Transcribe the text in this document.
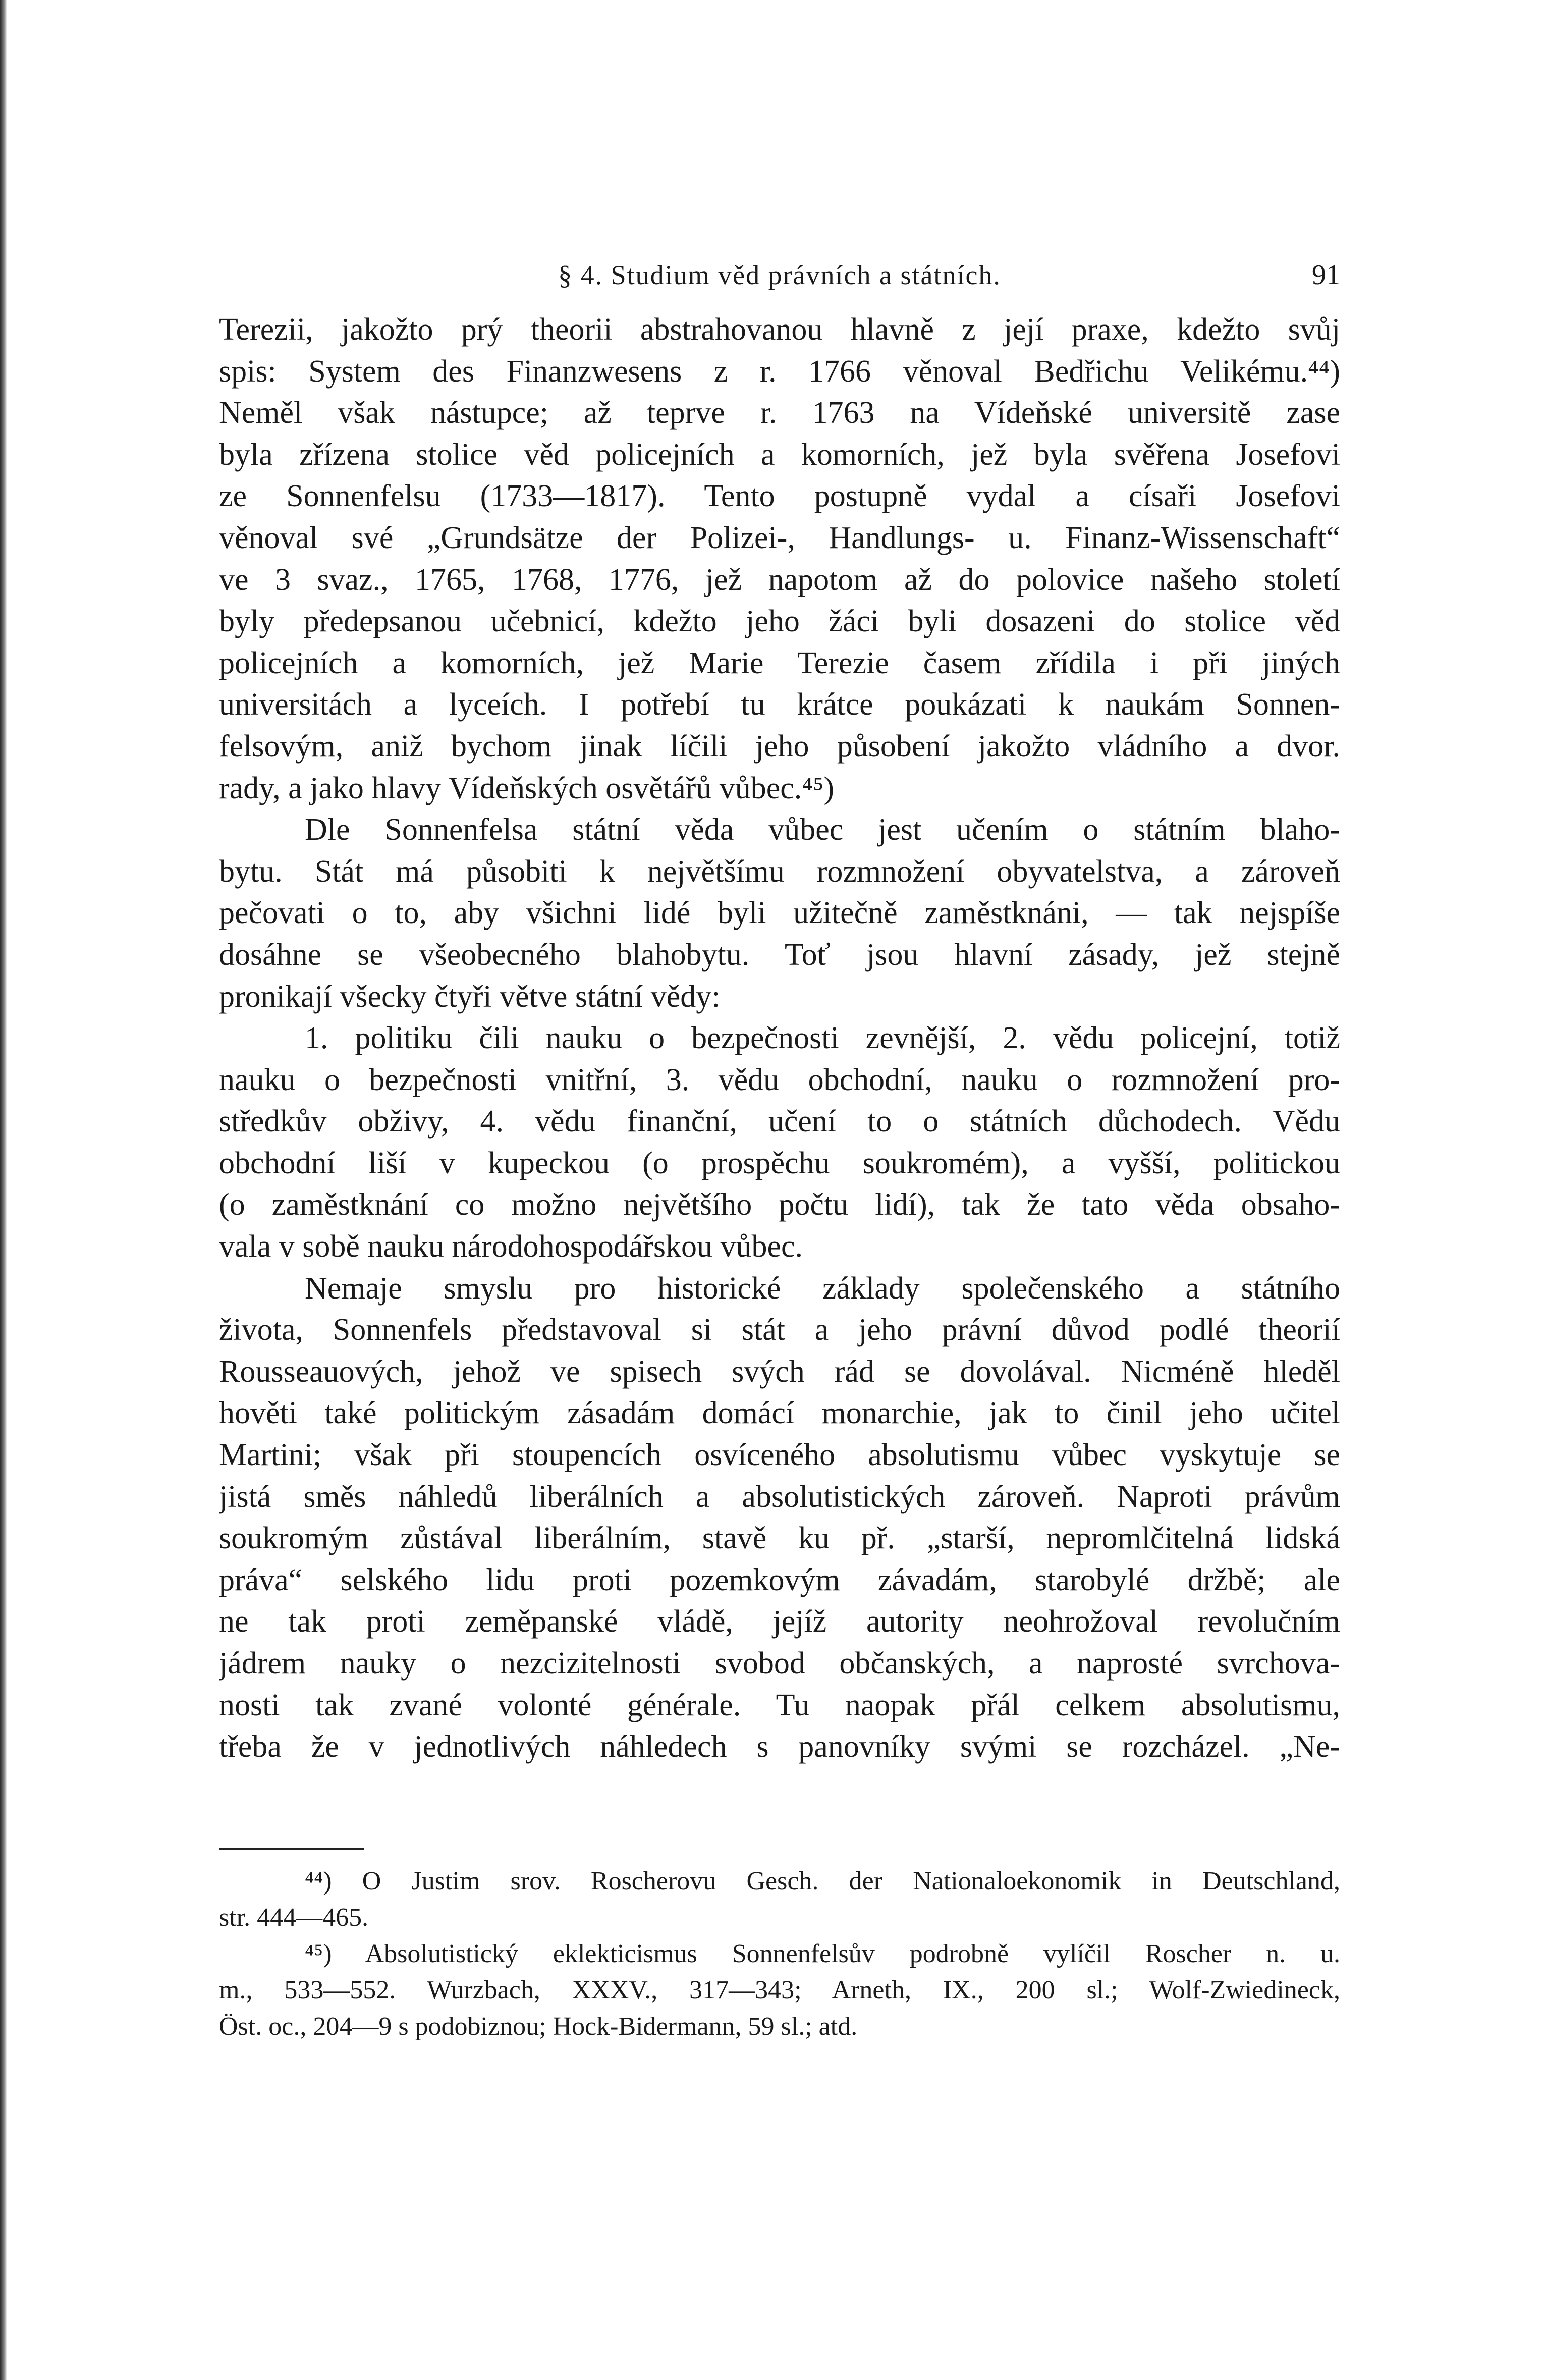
§ 4. Studium věd právních a státních.	91
Terezii, jakožto prý theorii abstrahovanou hlavně z její praxe, kdežto svůj
spis: System des Finanzwesens z r. 1766 věnoval Bedřichu Velikému.⁴⁴)
Neměl však nástupce; až teprve r. 1763 na Vídeňské universitě zase
byla zřízena stolice věd policejních a komorních, jež byla svěřena Josefovi
ze Sonnenfelsu (1733—1817). Tento postupně vydal a císaři Josefovi
věnoval své „Grundsätze der Polizei-, Handlungs- u. Finanz-Wissenschaft“
ve 3 svaz., 1765, 1768, 1776, jež napotom až do polovice našeho století
byly předepsanou učebnicí, kdežto jeho žáci byli dosazeni do stolice věd
policejních a komorních, jež Marie Terezie časem zřídila i při jiných
universitách a lyceích. I potřebí tu krátce poukázati k naukám Sonnen-
felsovým, aniž bychom jinak líčili jeho působení jakožto vládního a dvor.
rady, a jako hlavy Vídeňských osvětářů vůbec.⁴⁵)
Dle Sonnenfelsa státní věda vůbec jest učením o státním blaho-
bytu. Stát má působiti k největšímu rozmnožení obyvatelstva, a zároveň
pečovati o to, aby všichni lidé byli užitečně zaměstknáni, — tak nejspíše
dosáhne se všeobecného blahobytu. Toť jsou hlavní zásady, jež stejně
pronikají všecky čtyři větve státní vědy:
1. politiku čili nauku o bezpečnosti zevnější, 2. vědu policejní, totiž
nauku o bezpečnosti vnitřní, 3. vědu obchodní, nauku o rozmnožení pro-
středkův obživy, 4. vědu finanční, učení to o státních důchodech. Vědu
obchodní liší v kupeckou (o prospěchu soukromém), a vyšší, politickou
(o zaměstknání co možno největšího počtu lidí), tak že tato věda obsaho-
vala v sobě nauku národohospodářskou vůbec.
Nemaje smyslu pro historické základy společenského a státního
života, Sonnenfels představoval si stát a jeho právní důvod podlé theorií
Rousseauových, jehož ve spisech svých rád se dovolával. Nicméně hleděl
hověti také politickým zásadám domácí monarchie, jak to činil jeho učitel
Martini; však při stoupencích osvíceného absolutismu vůbec vyskytuje se
jistá směs náhledů liberálních a absolutistických zároveň. Naproti právům
soukromým zůstával liberálním, stavě ku př. „starší, nepromlčitelná lidská
práva“ selského lidu proti pozemkovým závadám, starobylé držbě; ale
ne tak proti zeměpanské vládě, jejíž autority neohrožoval revolučním
jádrem nauky o nezcizitelnosti svobod občanských, a naprosté svrchova-
nosti tak zvané volonté générale. Tu naopak přál celkem absolutismu,
třeba že v jednotlivých náhledech s panovníky svými se rozcházel. „Ne-
⁴⁴) O Justim srov. Roscherovu Gesch. der Nationaloekonomik in Deutschland,
str. 444—465.
⁴⁵) Absolutistický eklekticismus Sonnenfelsův podrobně vylíčil Roscher n. u.
m., 533—552. Wurzbach, XXXV., 317—343; Arneth, IX., 200 sl.; Wolf-Zwiedineck,
Öst. oc., 204—9 s podobiznou; Hock-Bidermann, 59 sl.; atd.
